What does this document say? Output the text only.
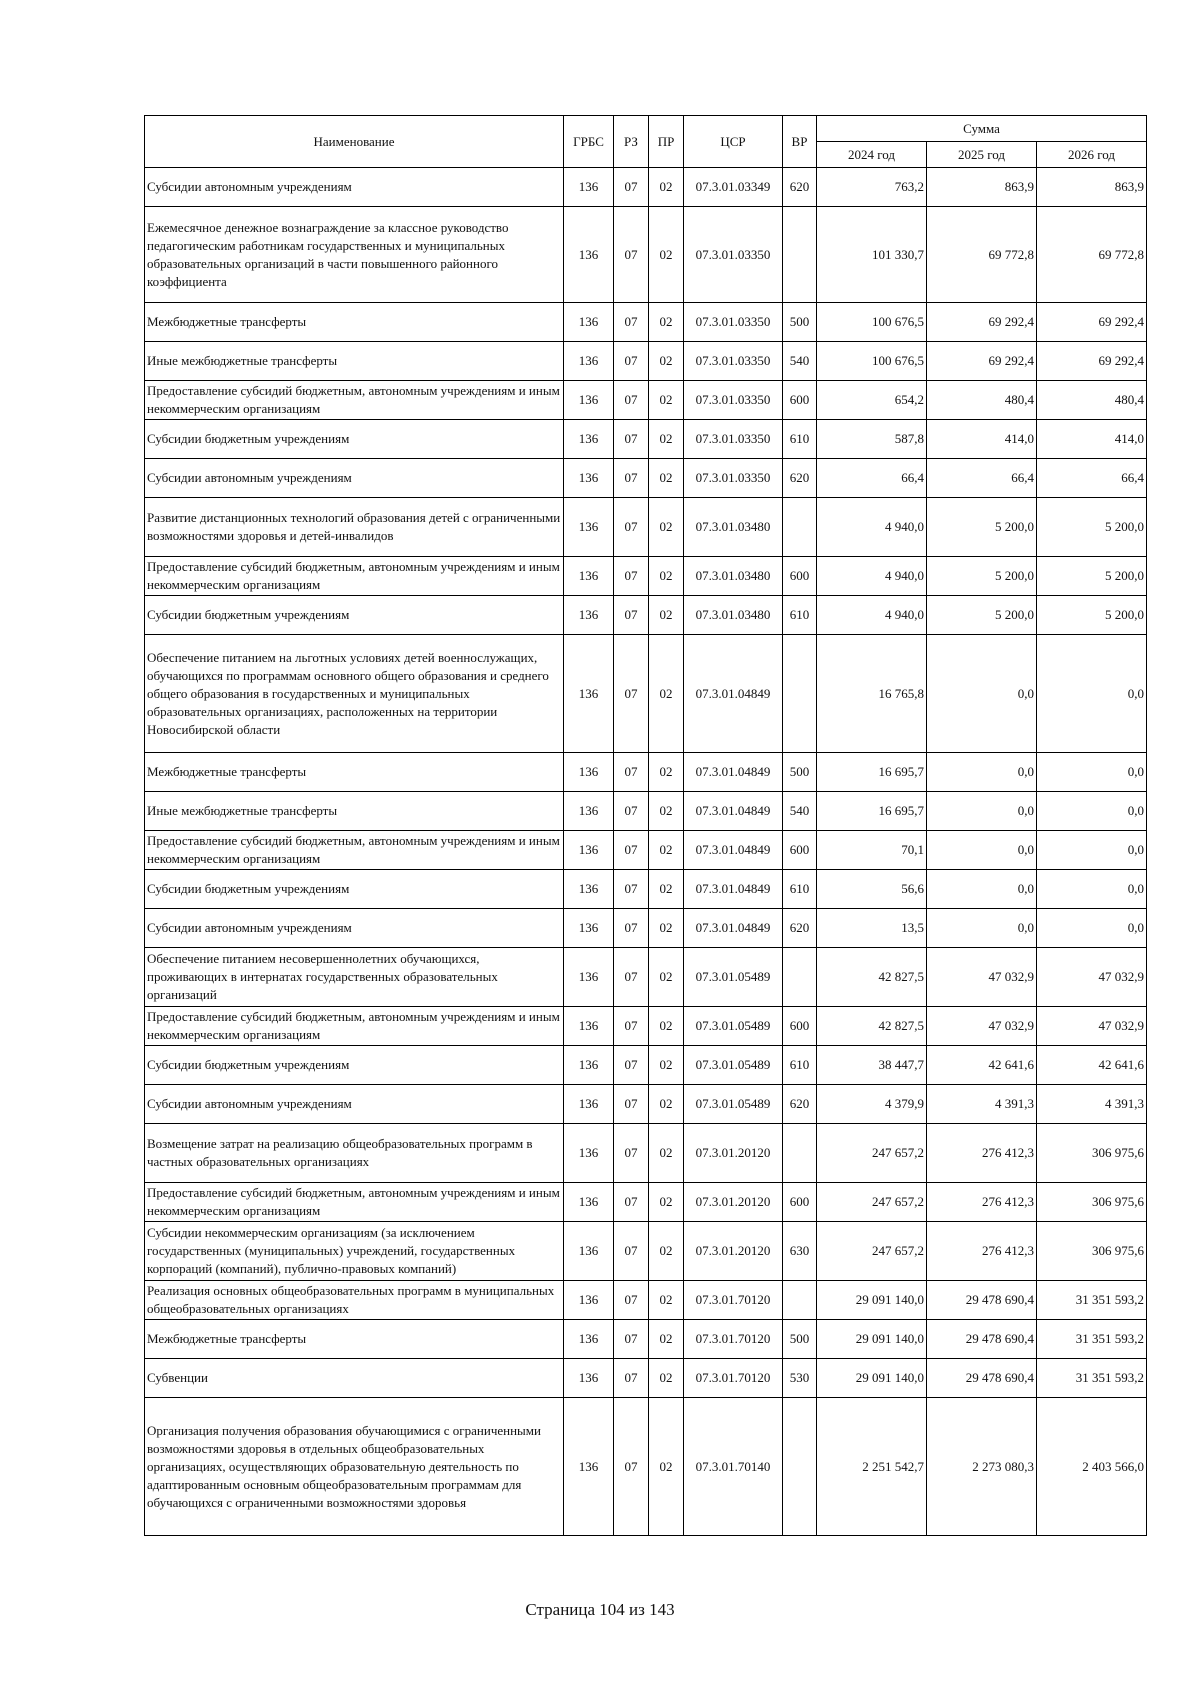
Наименование	ГРБС	РЗ	ПР	ЦСР	ВР	Сумма		
						2024 год	2025 год	2026 год
Субсидии автономным учреждениям	136	07	02	07.3.01.03349	620	763,2	863,9	863,9
Ежемесячное денежное вознаграждение за классное руководство педагогическим работникам государственных и муниципальных образовательных организаций в части повышенного районного коэффициента	136	07	02	07.3.01.03350		101 330,7	69 772,8	69 772,8
Межбюджетные трансферты	136	07	02	07.3.01.03350	500	100 676,5	69 292,4	69 292,4
Иные межбюджетные трансферты	136	07	02	07.3.01.03350	540	100 676,5	69 292,4	69 292,4
Предоставление субсидий бюджетным, автономным учреждениям и иным некоммерческим организациям	136	07	02	07.3.01.03350	600	654,2	480,4	480,4
Субсидии бюджетным учреждениям	136	07	02	07.3.01.03350	610	587,8	414,0	414,0
Субсидии автономным учреждениям	136	07	02	07.3.01.03350	620	66,4	66,4	66,4
Развитие дистанционных технологий образования детей с ограниченными возможностями здоровья и детей-инвалидов	136	07	02	07.3.01.03480		4 940,0	5 200,0	5 200,0
Предоставление субсидий бюджетным, автономным учреждениям и иным некоммерческим организациям	136	07	02	07.3.01.03480	600	4 940,0	5 200,0	5 200,0
Субсидии бюджетным учреждениям	136	07	02	07.3.01.03480	610	4 940,0	5 200,0	5 200,0
Обеспечение питанием на льготных условиях детей военнослужащих, обучающихся по программам основного общего образования и среднего общего образования в государственных и муниципальных образовательных организациях, расположенных на территории Новосибирской области	136	07	02	07.3.01.04849		16 765,8	0,0	0,0
Межбюджетные трансферты	136	07	02	07.3.01.04849	500	16 695,7	0,0	0,0
Иные межбюджетные трансферты	136	07	02	07.3.01.04849	540	16 695,7	0,0	0,0
Предоставление субсидий бюджетным, автономным учреждениям и иным некоммерческим организациям	136	07	02	07.3.01.04849	600	70,1	0,0	0,0
Субсидии бюджетным учреждениям	136	07	02	07.3.01.04849	610	56,6	0,0	0,0
Субсидии автономным учреждениям	136	07	02	07.3.01.04849	620	13,5	0,0	0,0
Обеспечение питанием несовершеннолетних обучающихся, проживающих в интернатах государственных образовательных организаций	136	07	02	07.3.01.05489		42 827,5	47 032,9	47 032,9
Предоставление субсидий бюджетным, автономным учреждениям и иным некоммерческим организациям	136	07	02	07.3.01.05489	600	42 827,5	47 032,9	47 032,9
Субсидии бюджетным учреждениям	136	07	02	07.3.01.05489	610	38 447,7	42 641,6	42 641,6
Субсидии автономным учреждениям	136	07	02	07.3.01.05489	620	4 379,9	4 391,3	4 391,3
Возмещение затрат на реализацию общеобразовательных программ в частных образовательных организациях	136	07	02	07.3.01.20120		247 657,2	276 412,3	306 975,6
Предоставление субсидий бюджетным, автономным учреждениям и иным некоммерческим организациям	136	07	02	07.3.01.20120	600	247 657,2	276 412,3	306 975,6
Субсидии некоммерческим организациям (за исключением государственных (муниципальных) учреждений, государственных корпораций (компаний), публично-правовых компаний)	136	07	02	07.3.01.20120	630	247 657,2	276 412,3	306 975,6
Реализация основных общеобразовательных программ в муниципальных общеобразовательных организациях	136	07	02	07.3.01.70120		29 091 140,0	29 478 690,4	31 351 593,2
Межбюджетные трансферты	136	07	02	07.3.01.70120	500	29 091 140,0	29 478 690,4	31 351 593,2
Субвенции	136	07	02	07.3.01.70120	530	29 091 140,0	29 478 690,4	31 351 593,2
Организация получения образования обучающимися с ограниченными возможностями здоровья в отдельных общеобразовательных организациях, осуществляющих образовательную деятельность по адаптированным основным общеобразовательным программам для обучающихся с ограниченными возможностями здоровья	136	07	02	07.3.01.70140		2 251 542,7	2 273 080,3	2 403 566,0
Страница 104 из 143
